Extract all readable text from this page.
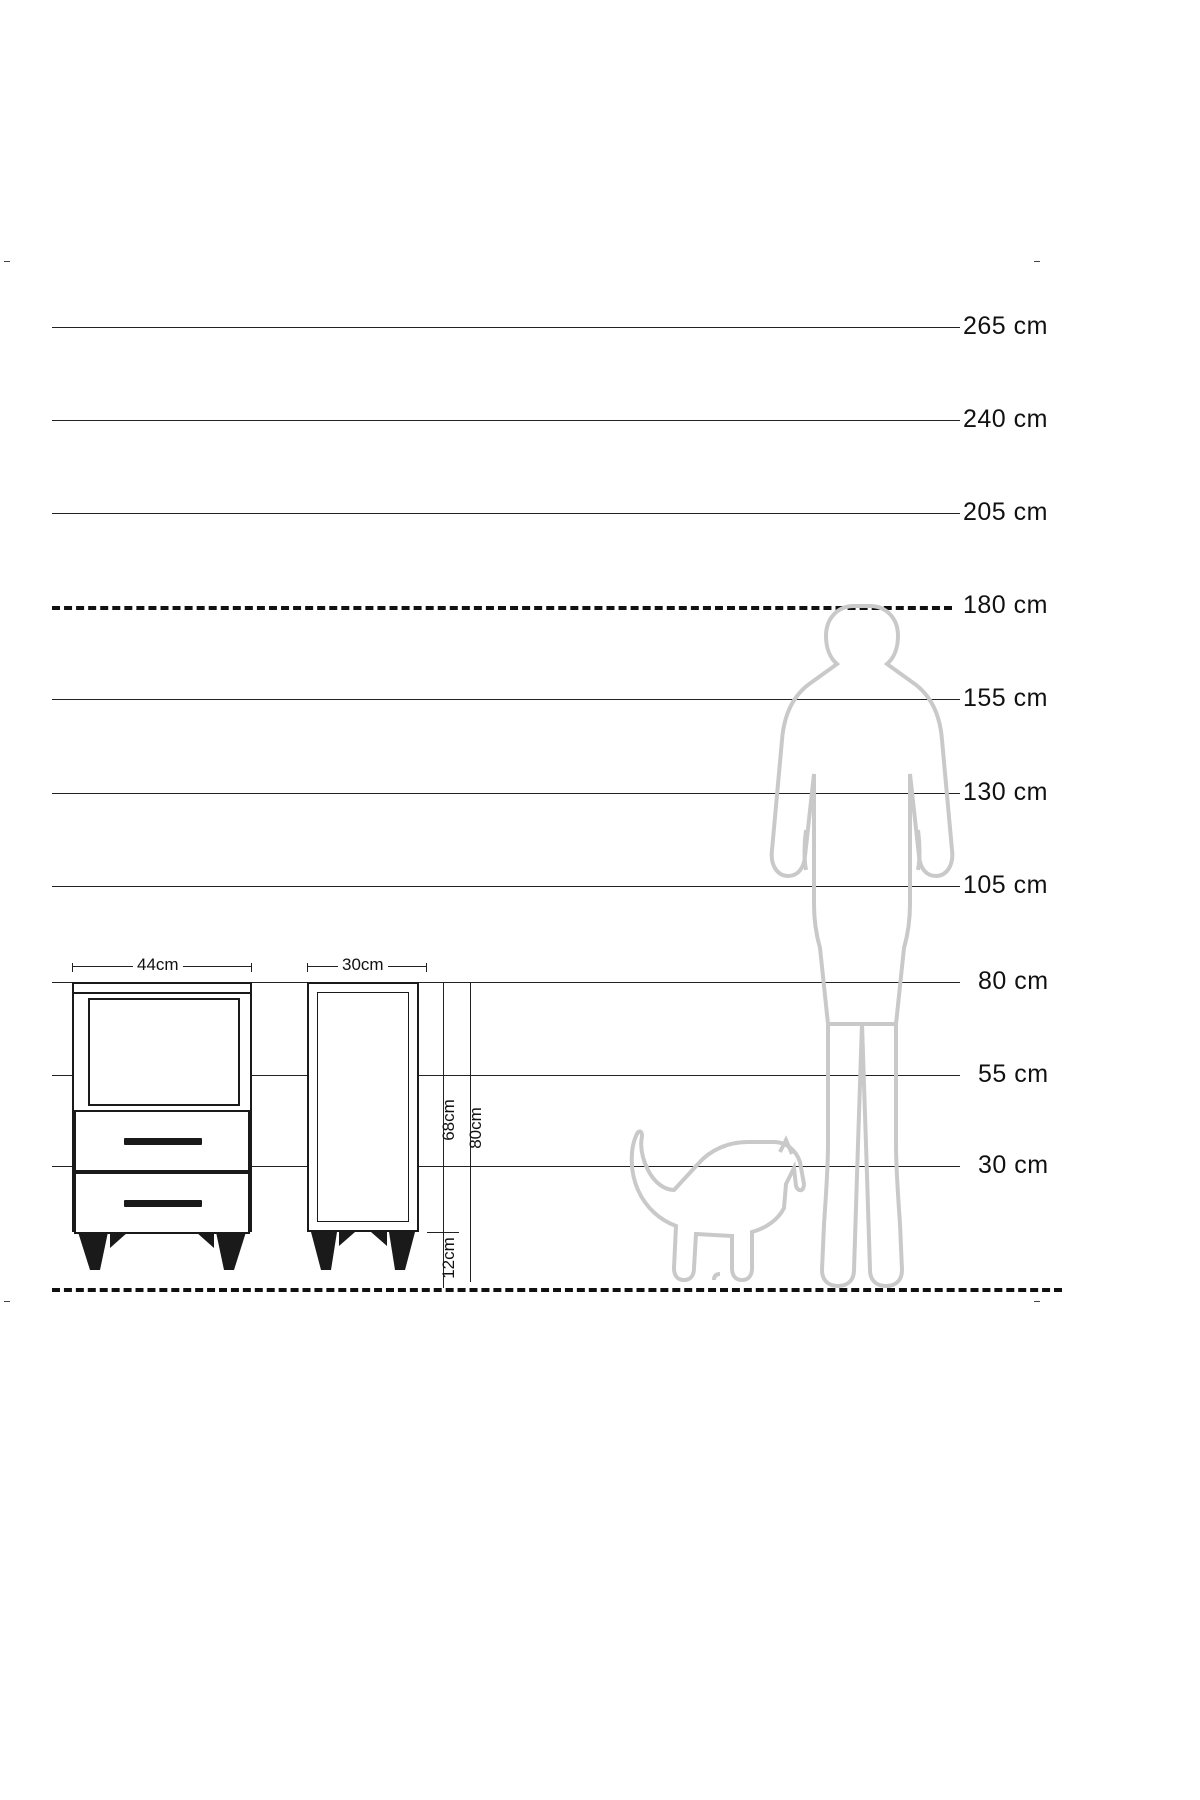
265 cm
240 cm
205 cm
180 cm
155 cm
130 cm
105 cm
80 cm
55 cm
30 cm
44cm	30cm
68cm 80cm
12cm
